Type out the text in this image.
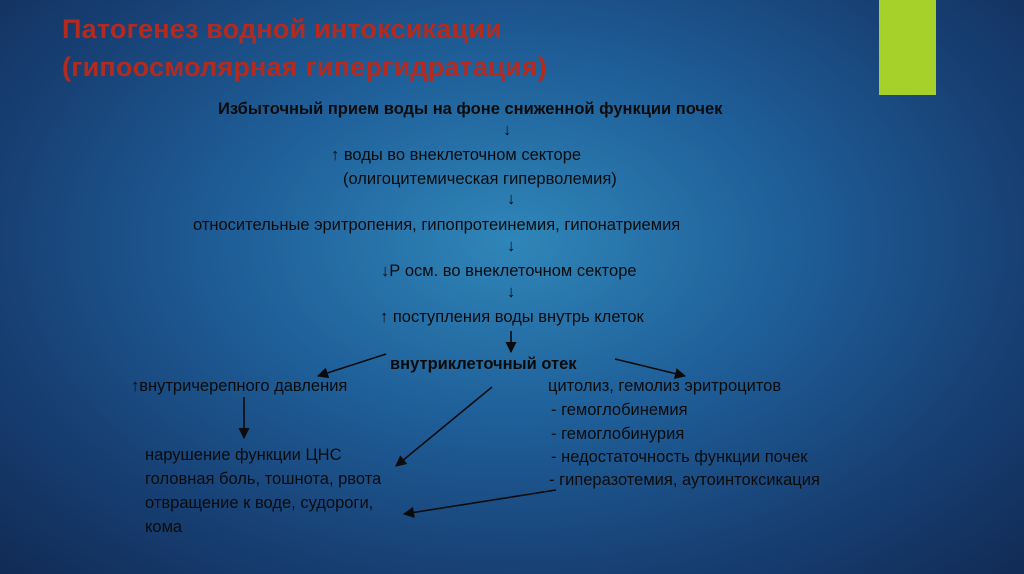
Патогенез водной интоксикации
(гипоосмолярная гипергидратация)
Избыточный прием воды на фоне сниженной функции почек
↓
↑ воды во внеклеточном секторе
(олигоцитемическая гиперволемия)
↓
относительные эритропения, гипопротеинемия, гипонатриемия
↓
↓Р осм. во внеклеточном секторе
↓
↑ поступления воды внутрь клеток
внутриклеточный отек
↑внутричерепного давления
нарушение функции ЦНС
головная боль, тошнота, рвота
отвращение к воде, судороги,
кома
цитолиз, гемолиз эритроцитов
- гемоглобинемия
- гемоглобинурия
- недостаточность функции почек
- гиперазотемия, аутоинтоксикация
